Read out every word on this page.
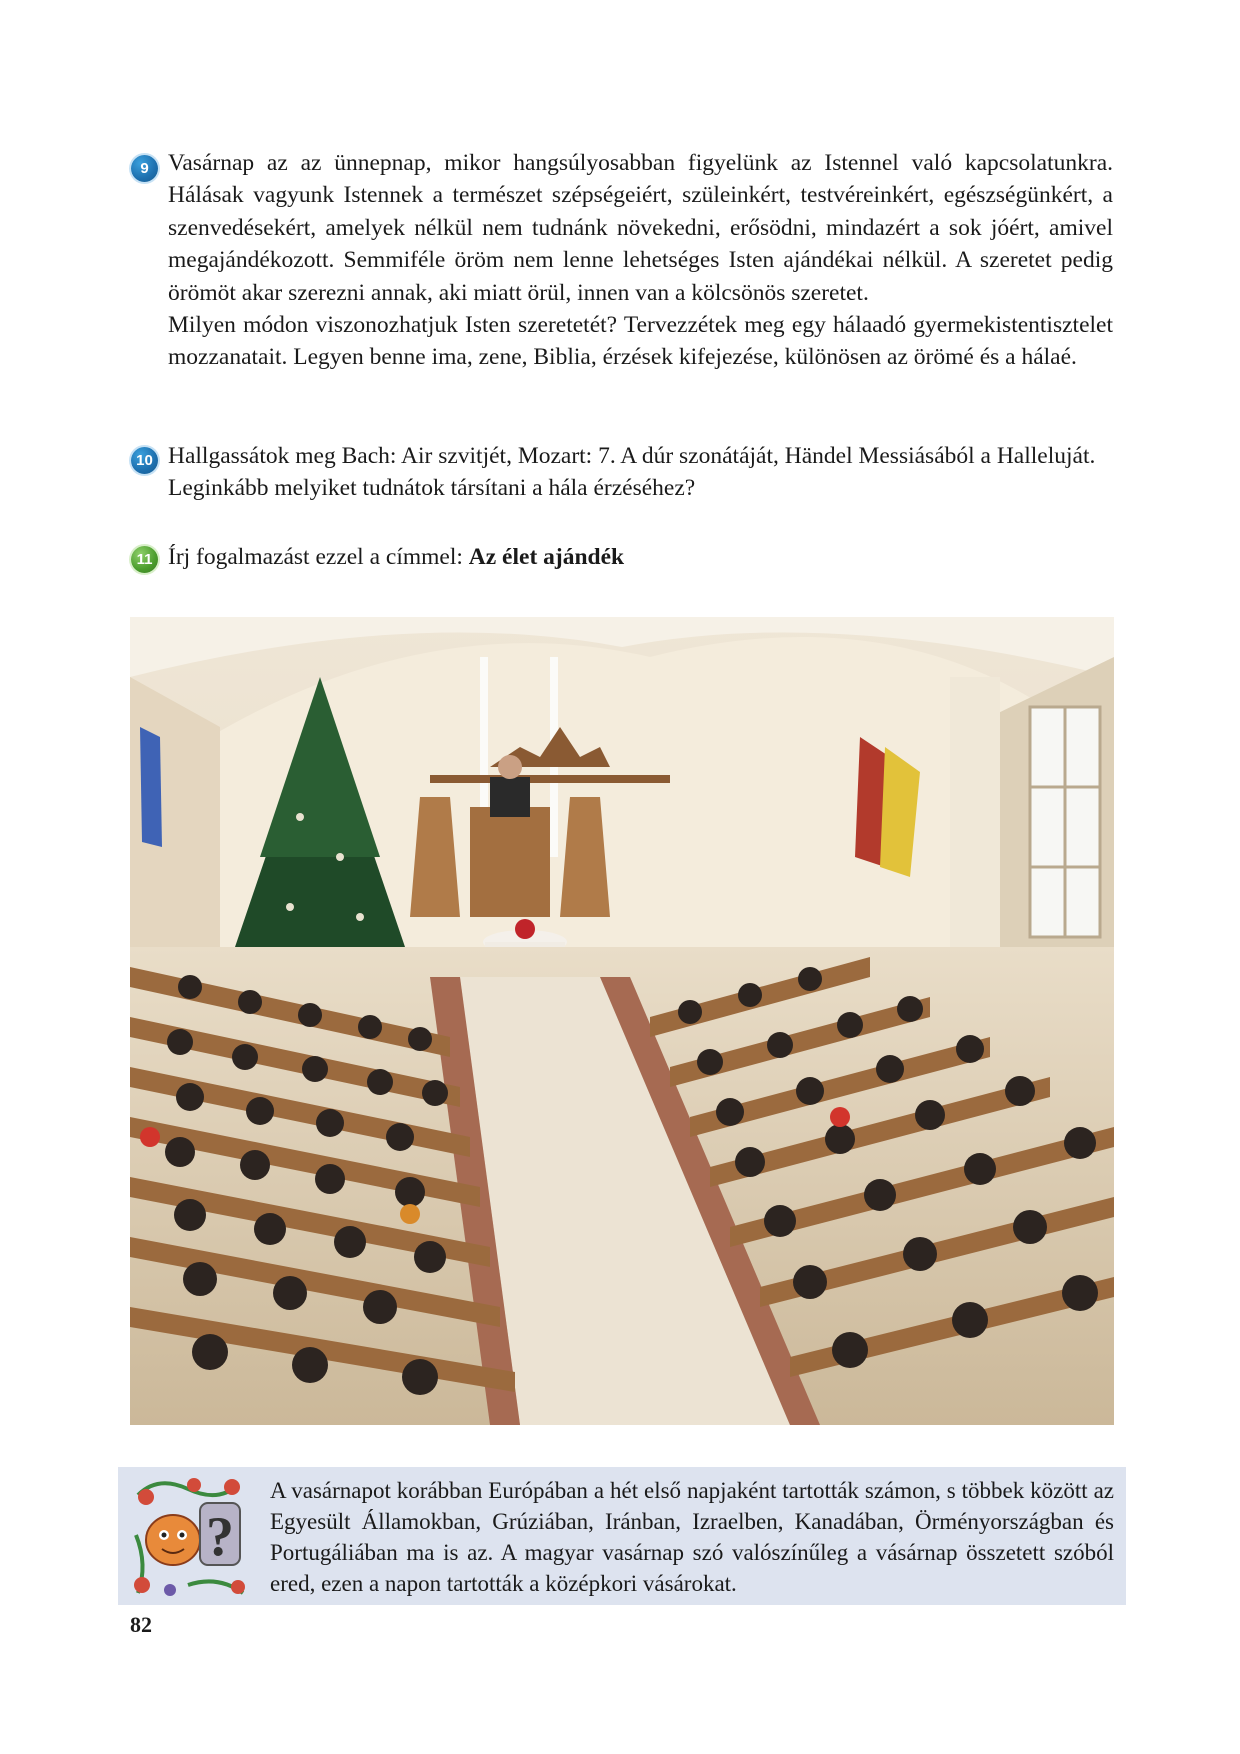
9 Vasárnap az az ünnepnap, mikor hangsúlyosabban figyelünk az Istennel való kapcsolatunkra. Hálásak vagyunk Istennek a természet szépségeiért, szüleinkért, testvéreinkért, egészségünkért, a szenvedésekért, amelyek nélkül nem tudnánk növekedni, erősödni, mindazért a sok jóért, amivel megajándékozott. Semmiféle öröm nem lenne lehetséges Isten ajándékai nélkül. A szeretet pedig örömöt akar szerezni annak, aki miatt örül, innen van a kölcsönös szeretet.

Milyen módon viszonozhatjuk Isten szeretetét? Tervezzétek meg egy hálaadó gyermekistentisztelet mozzanatait. Legyen benne ima, zene, Biblia, érzések kifejezése, különösen az örömé és a hálaé.

10 Hallgassátok meg Bach: Air szvitjét, Mozart: 7. A dúr szonátáját, Händel Messiásából a Halleluját.

Leginkább melyiket tudnátok társítani a hála érzéséhez?

11 Írj fogalmazást ezzel a címmel: Az élet ajándék

?
A vasárnapot korábban Európában a hét első napjaként tartották számon, s többek között az Egyesült Államokban, Grúziában, Iránban, Izraelben, Kanadában, Örményországban és Portugáliában ma is az. A magyar vasárnap szó valószínűleg a vásárnap összetett szóból ered, ezen a napon tartották a középkori vásárokat.
82
